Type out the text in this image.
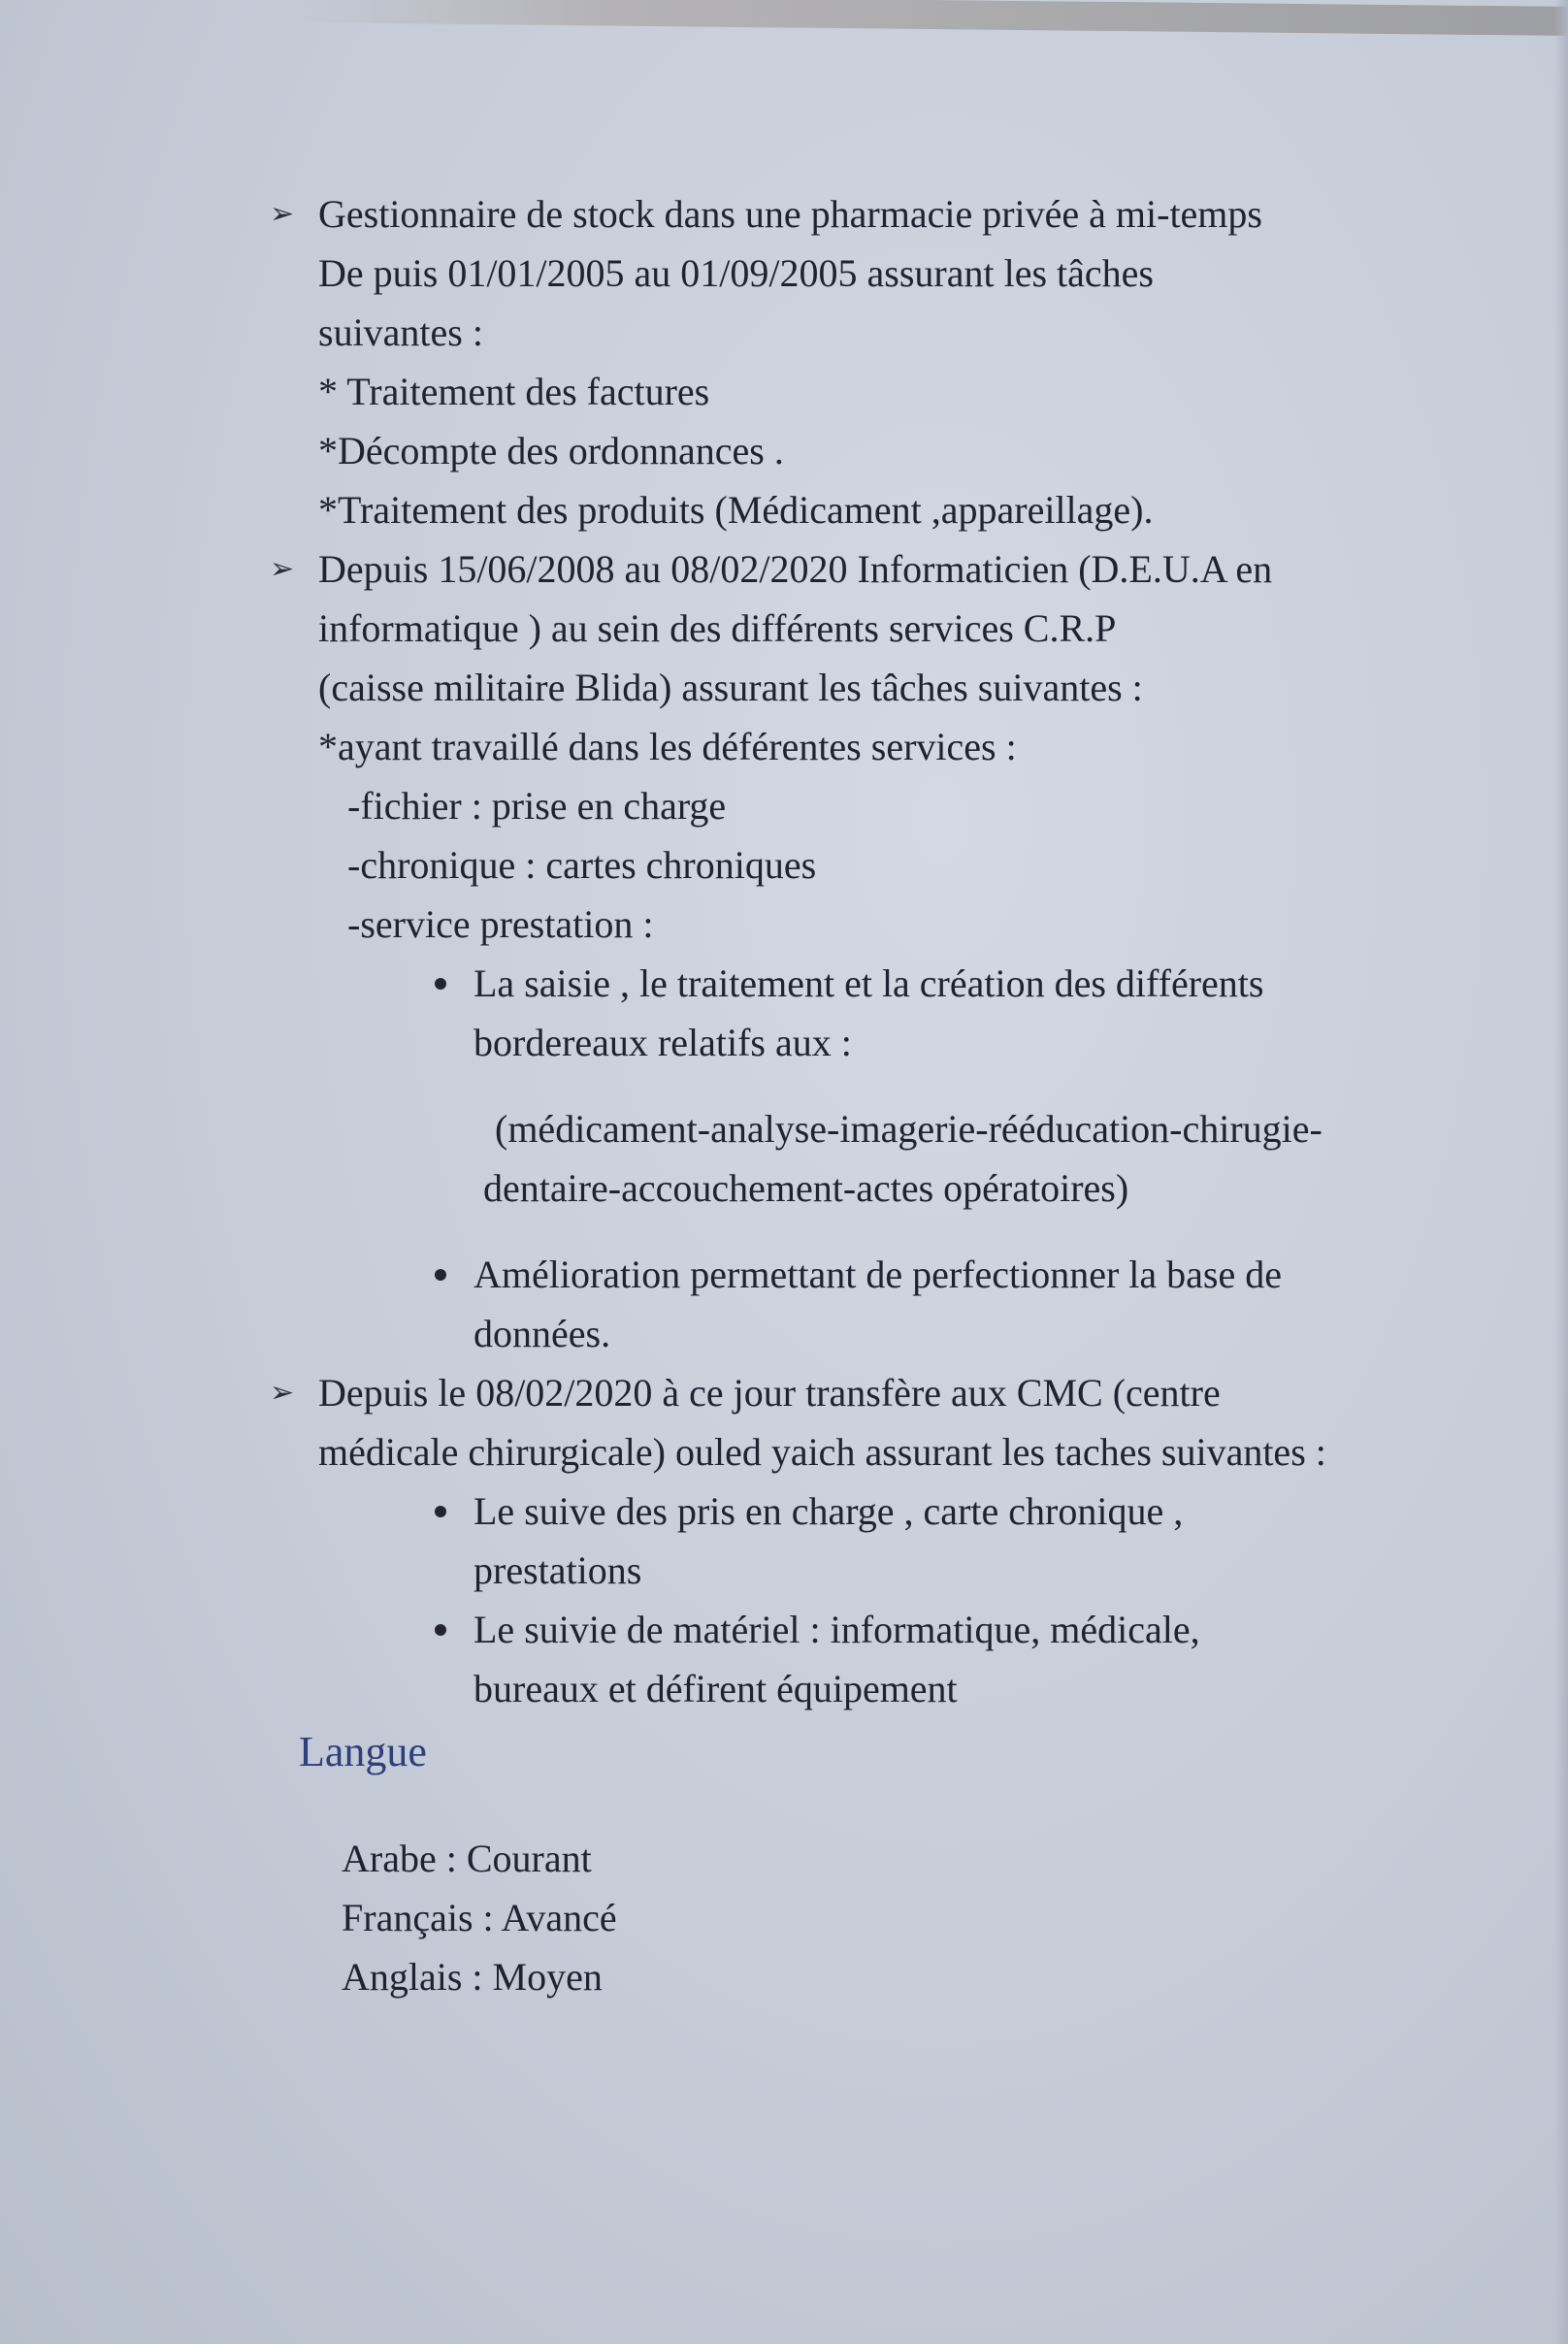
➢ Gestionnaire de stock dans une pharmacie privée à mi-temps
De puis 01/01/2005 au 01/09/2005 assurant les tâches
suivantes :
* Traitement des factures
*Décompte des ordonnances .
*Traitement des produits (Médicament ,appareillage).
➢ Depuis 15/06/2008 au 08/02/2020 Informaticien (D.E.U.A en
informatique ) au sein des différents services C.R.P
(caisse militaire Blida) assurant les tâches suivantes :
*ayant travaillé dans les déférentes services :
-fichier : prise en charge
-chronique : cartes chroniques
-service prestation :
La saisie , le traitement et la création des différents
bordereaux relatifs aux :
(médicament-analyse-imagerie-rééducation-chirugie-
dentaire-accouchement-actes opératoires)
Amélioration permettant de perfectionner la base de
données.
➢ Depuis le 08/02/2020 à ce jour transfère aux CMC (centre
médicale chirurgicale) ouled yaich assurant les taches suivantes :
Le suive des pris en charge , carte chronique ,
prestations
Le suivie de matériel : informatique, médicale,
bureaux et défirent équipement
Langue
Arabe : Courant
Français : Avancé
Anglais : Moyen
